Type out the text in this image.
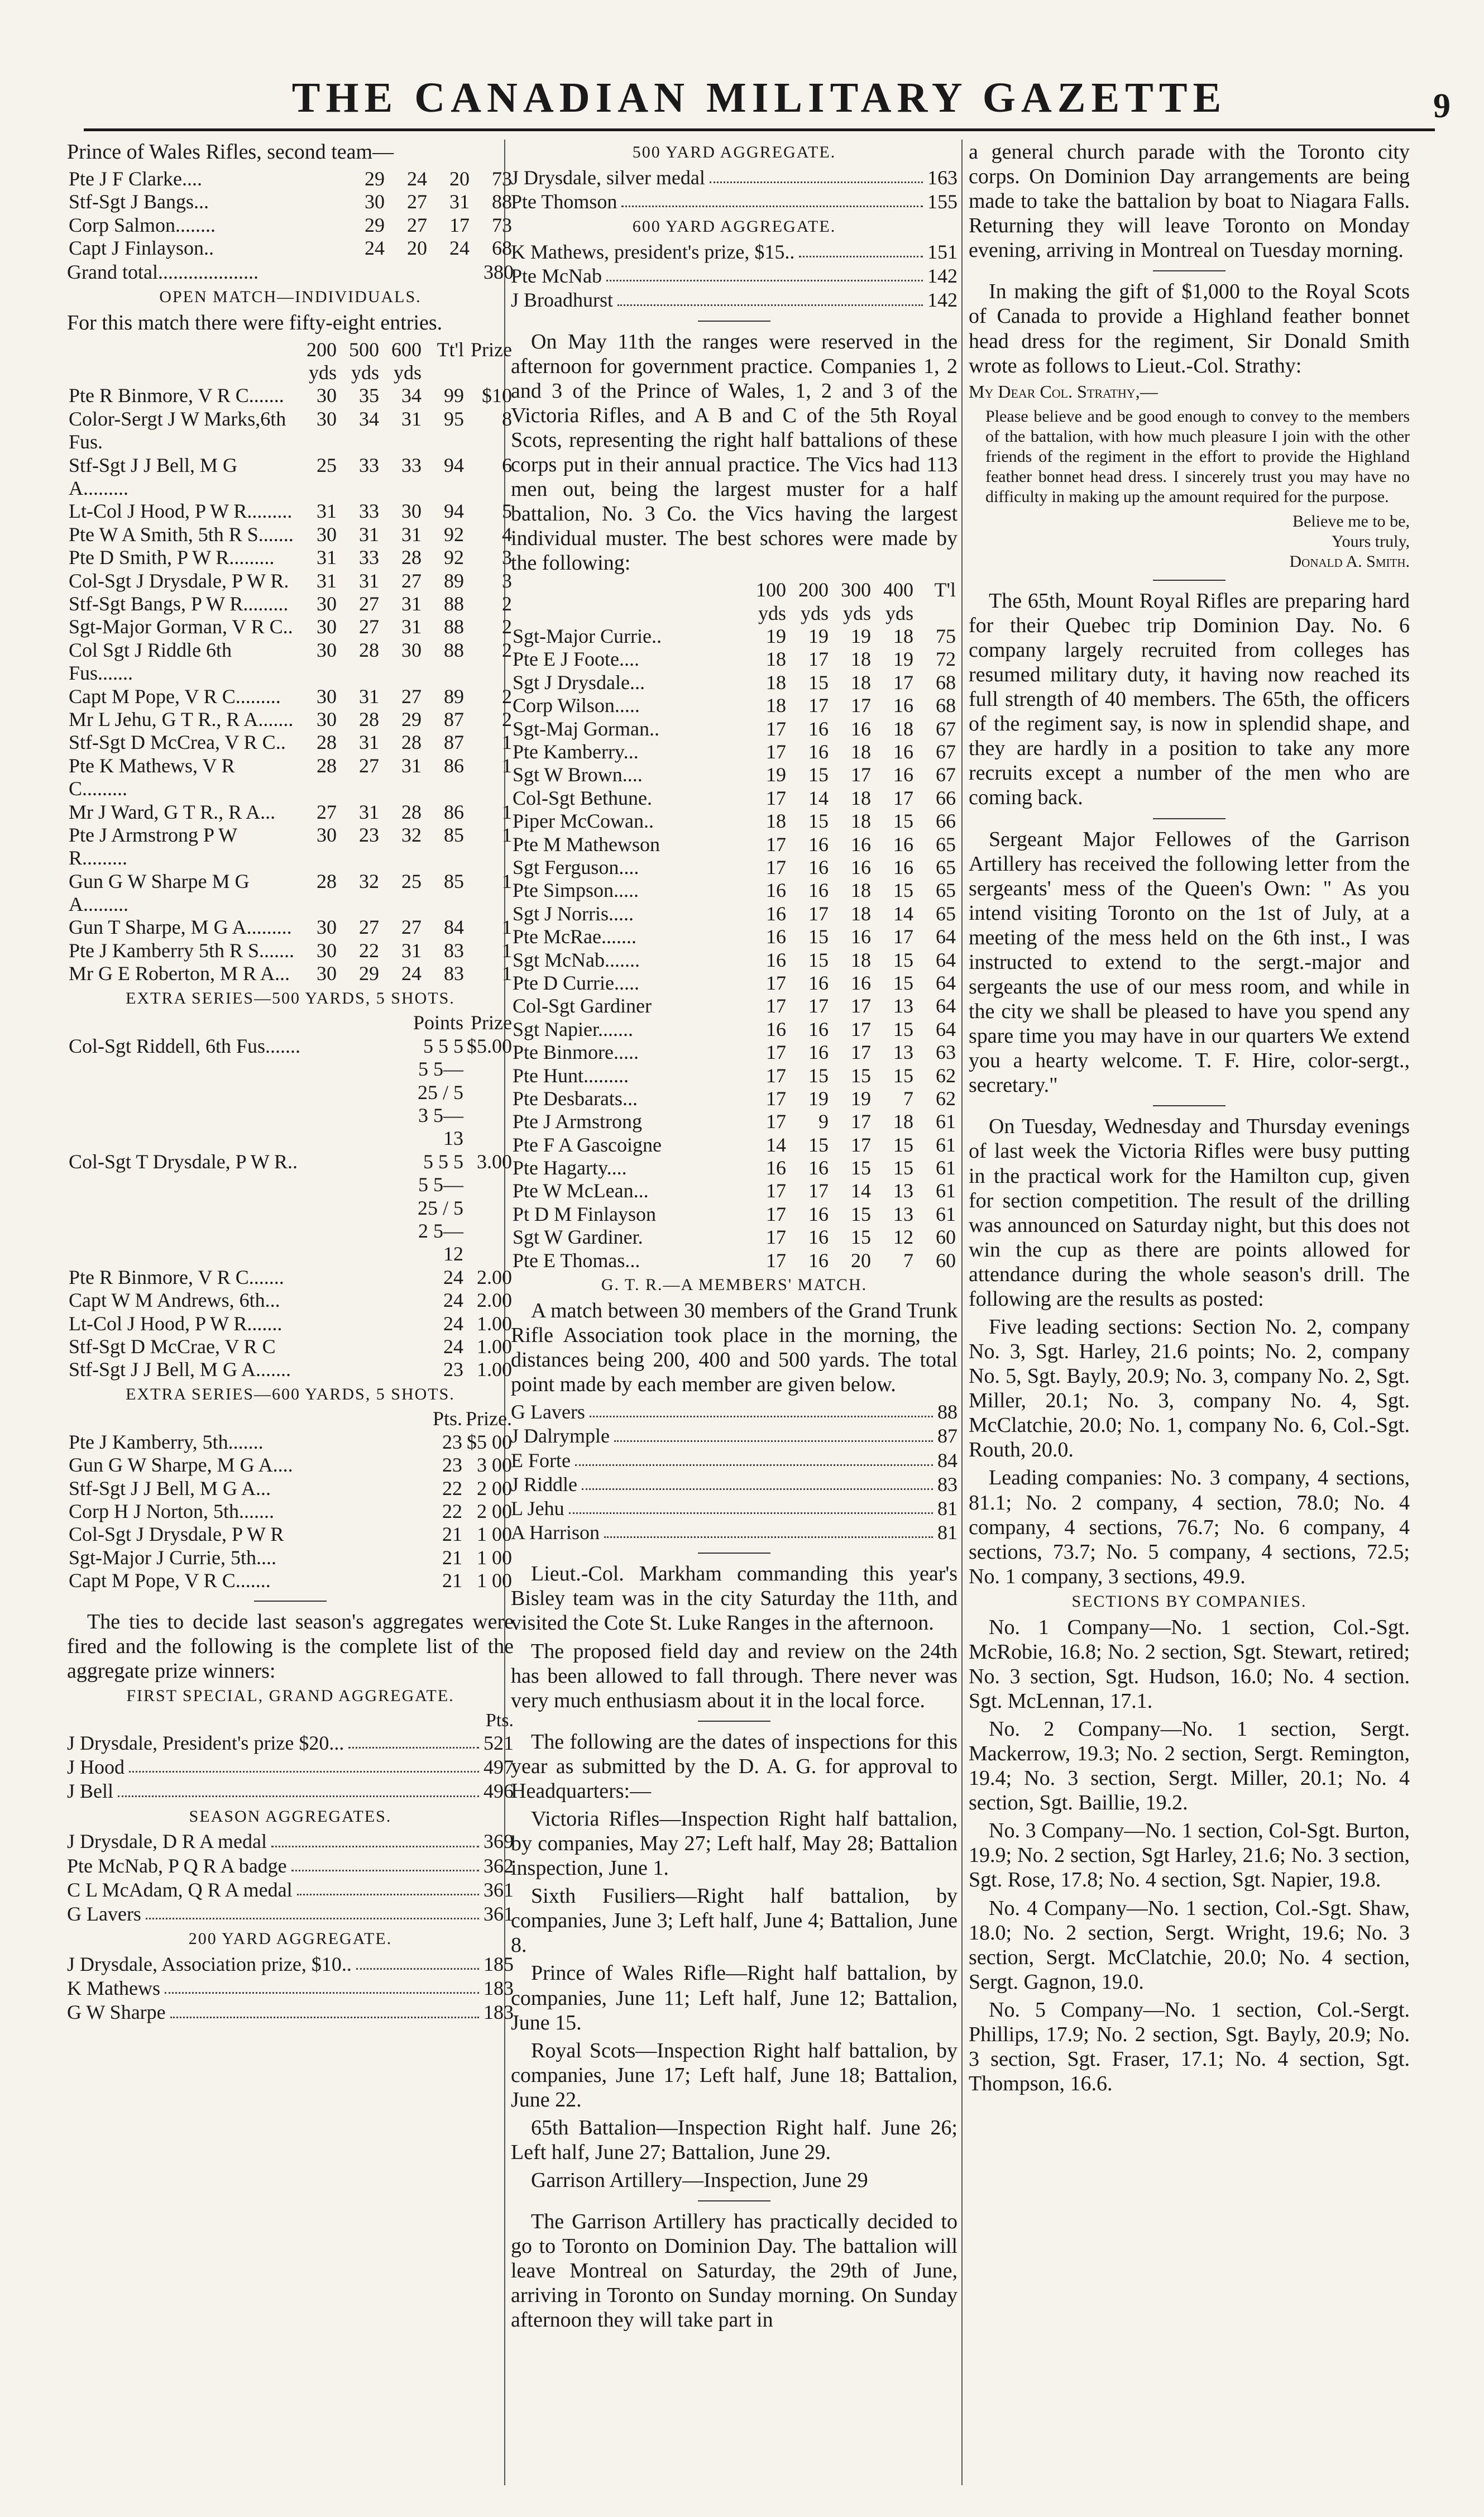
THE CANADIAN MILITARY GAZETTE	9

Prince of Wales Rifles, second team—

Pte J F Clarke....	29	24	20	73
Stf-Sgt J Bangs...	30	27	31	88
Corp Salmon........	29	27	17	73
Capt J Finlayson..	24	20	24	68
Grand total....................	380
OPEN MATCH—INDIVIDUALS.

For this match there were fifty-eight entries.

	200 yds	500 yds	600 yds	Tt'l	Prize
Pte R Binmore, V R C.......	30	35	34	99	$10
Color-Sergt J W Marks,6th Fus.	30	34	31	95	8
Stf-Sgt J J Bell, M G A.........	25	33	33	94	6
Lt-Col J Hood, P W R.........	31	33	30	94	5
Pte W A Smith, 5th R S.......	30	31	31	92	4
Pte D Smith, P W R.........	31	33	28	92	3
Col-Sgt J Drysdale, P W R.	31	31	27	89	3
Stf-Sgt Bangs, P W R.........	30	27	31	88	2
Sgt-Major Gorman, V R C..	30	27	31	88	2
Col Sgt J Riddle 6th Fus.......	30	28	30	88	2
Capt M Pope, V R C.........	30	31	27	89	2
Mr L Jehu, G T R., R A.......	30	28	29	87	2
Stf-Sgt D McCrea, V R C..	28	31	28	87	1
Pte K Mathews, V R C.........	28	27	31	86	1
Mr J Ward, G T R., R A...	27	31	28	86	1
Pte J Armstrong P W R.........	30	23	32	85	1
Gun G W Sharpe M G A.........	28	32	25	85	1
Gun T Sharpe, M G A.........	30	27	27	84	1
Pte J Kamberry 5th R S.......	30	22	31	83	1
Mr G E Roberton, M R A...	30	29	24	83	1
EXTRA SERIES—500 YARDS, 5 SHOTS.
	Points	Prize
Col-Sgt Riddell, 6th Fus.......	5 5 5 5 5—25 / 5 3 5—13	$5.00
Col-Sgt T Drysdale, P W R..	5 5 5 5 5—25 / 5 2 5—12	3.00
Pte R Binmore, V R C.......	24	2.00
Capt W M Andrews, 6th...	24	2.00
Lt-Col J Hood, P W R.......	24	1.00
Stf-Sgt D McCrae, V R C	24	1.00
Stf-Sgt J J Bell, M G A.......	23	1.00
EXTRA SERIES—600 YARDS, 5 SHOTS.
	Pts.	Prize.
Pte J Kamberry, 5th.......	23	$5 00
Gun G W Sharpe, M G A....	23	3 00
Stf-Sgt J J Bell, M G A...	22	2 00
Corp H J Norton, 5th.......	22	2 00
Col-Sgt J Drysdale, P W R	21	1 00
Sgt-Major J Currie, 5th....	21	1 00
Capt M Pope, V R C.......	21	1 00

The ties to decide last season's aggregates were fired and the following is the complete list of the aggregate prize winners:

FIRST SPECIAL, GRAND AGGREGATE.
Pts.
J Drysdale, President's prize $20...	521
J Hood	497
J Bell	496
SEASON AGGREGATES.
J Drysdale, D R A medal	369
Pte McNab, P Q R A badge	362
C L McAdam, Q R A medal	361
G Lavers	361
200 YARD AGGREGATE.
J Drysdale, Association prize, $10..	185
K Mathews	183
G W Sharpe	183
500 YARD AGGREGATE.
J Drysdale, silver medal	163
Pte Thomson	155
600 YARD AGGREGATE.
K Mathews, president's prize, $15..	151
Pte McNab	142
J Broadhurst	142

On May 11th the ranges were reserved in the afternoon for government practice. Companies 1, 2 and 3 of the Prince of Wales, 1, 2 and 3 of the Victoria Rifles, and A B and C of the 5th Royal Scots, representing the right half battalions of these corps put in their annual practice. The Vics had 113 men out, being the largest muster for a half battalion, No. 3 Co. the Vics having the largest individual muster. The best schores were made by the following:

	100 yds	200 yds	300 yds	400 yds	T'l
Sgt-Major Currie..	19	19	19	18	75
Pte E J Foote....	18	17	18	19	72
Sgt J Drysdale...	18	15	18	17	68
Corp Wilson.....	18	17	17	16	68
Sgt-Maj Gorman..	17	16	16	18	67
Pte Kamberry...	17	16	18	16	67
Sgt W Brown....	19	15	17	16	67
Col-Sgt Bethune.	17	14	18	17	66
Piper McCowan..	18	15	18	15	66
Pte M Mathewson	17	16	16	16	65
Sgt Ferguson....	17	16	16	16	65
Pte Simpson.....	16	16	18	15	65
Sgt J Norris.....	16	17	18	14	65
Pte McRae.......	16	15	16	17	64
Sgt McNab.......	16	15	18	15	64
Pte D Currie.....	17	16	16	15	64
Col-Sgt Gardiner	17	17	17	13	64
Sgt Napier.......	16	16	17	15	64
Pte Binmore.....	17	16	17	13	63
Pte Hunt.........	17	15	15	15	62
Pte Desbarats...	17	19	19	7	62
Pte J Armstrong	17	9	17	18	61
Pte F A Gascoigne	14	15	17	15	61
Pte Hagarty....	16	16	15	15	61
Pte W McLean...	17	17	14	13	61
Pt D M Finlayson	17	16	15	13	61
Sgt W Gardiner.	17	16	15	12	60
Pte E Thomas...	17	16	20	7	60
G. T. R.—A MEMBERS' MATCH.

A match between 30 members of the Grand Trunk Rifle Association took place in the morning, the distances being 200, 400 and 500 yards. The total point made by each member are given below.

G Lavers	88
J Dalrymple	87
E Forte	84
J Riddle	83
L Jehu	81
A Harrison	81

Lieut.-Col. Markham commanding this year's Bisley team was in the city Saturday the 11th, and visited the Cote St. Luke Ranges in the afternoon.

The proposed field day and review on the 24th has been allowed to fall through. There never was very much enthusiasm about it in the local force.

The following are the dates of inspections for this year as submitted by the D. A. G. for approval to Headquarters:—

Victoria Rifles—Inspection Right half battalion, by companies, May 27; Left half, May 28; Battalion inspection, June 1.

Sixth Fusiliers—Right half battalion, by companies, June 3; Left half, June 4; Battalion, June 8.

Prince of Wales Rifle—Right half battalion, by companies, June 11; Left half, June 12; Battalion, June 15.

Royal Scots—Inspection Right half battalion, by companies, June 17; Left half, June 18; Battalion, June 22.

65th Battalion—Inspection Right half. June 26; Left half, June 27; Battalion, June 29.

Garrison Artillery—Inspection, June 29

The Garrison Artillery has practically decided to go to Toronto on Dominion Day. The battalion will leave Montreal on Saturday, the 29th of June, arriving in Toronto on Sunday morning. On Sunday afternoon they will take part in

a general church parade with the Toronto city corps. On Dominion Day arrangements are being made to take the battalion by boat to Niagara Falls. Returning they will leave Toronto on Monday evening, arriving in Montreal on Tuesday morning.

In making the gift of $1,000 to the Royal Scots of Canada to provide a Highland feather bonnet head dress for the regiment, Sir Donald Smith wrote as follows to Lieut.-Col. Strathy:

My Dear Col. Strathy,—

Please believe and be good enough to convey to the members of the battalion, with how much pleasure I join with the other friends of the regiment in the effort to provide the Highland feather bonnet head dress. I sincerely trust you may have no difficulty in making up the amount required for the purpose.
Believe me to be,
Yours truly,
Donald A. Smith.

The 65th, Mount Royal Rifles are preparing hard for their Quebec trip Dominion Day. No. 6 company largely recruited from colleges has resumed military duty, it having now reached its full strength of 40 members. The 65th, the officers of the regiment say, is now in splendid shape, and they are hardly in a position to take any more recruits except a number of the men who are coming back.

Sergeant Major Fellowes of the Garrison Artillery has received the following letter from the sergeants' mess of the Queen's Own: " As you intend visiting Toronto on the 1st of July, at a meeting of the mess held on the 6th inst., I was instructed to extend to the sergt.-major and sergeants the use of our mess room, and while in the city we shall be pleased to have you spend any spare time you may have in our quarters We extend you a hearty welcome. T. F. Hire, color-sergt., secretary."

On Tuesday, Wednesday and Thursday evenings of last week the Victoria Rifles were busy putting in the practical work for the Hamilton cup, given for section competition. The result of the drilling was announced on Saturday night, but this does not win the cup as there are points allowed for attendance during the whole season's drill. The following are the results as posted:

Five leading sections: Section No. 2, company No. 3, Sgt. Harley, 21.6 points; No. 2, company No. 5, Sgt. Bayly, 20.9; No. 3, company No. 2, Sgt. Miller, 20.1; No. 3, company No. 4, Sgt. McClatchie, 20.0; No. 1, company No. 6, Col.-Sgt. Routh, 20.0.

Leading companies: No. 3 company, 4 sections, 81.1; No. 2 company, 4 section, 78.0; No. 4 company, 4 sections, 76.7; No. 6 company, 4 sections, 73.7; No. 5 company, 4 sections, 72.5; No. 1 company, 3 sections, 49.9.

SECTIONS BY COMPANIES.

No. 1 Company—No. 1 section, Col.-Sgt. McRobie, 16.8; No. 2 section, Sgt. Stewart, retired; No. 3 section, Sgt. Hudson, 16.0; No. 4 section. Sgt. McLennan, 17.1.

No. 2 Company—No. 1 section, Sergt. Mackerrow, 19.3; No. 2 section, Sergt. Remington, 19.4; No. 3 section, Sergt. Miller, 20.1; No. 4 section, Sgt. Baillie, 19.2.

No. 3 Company—No. 1 section, Col-Sgt. Burton, 19.9; No. 2 section, Sgt Harley, 21.6; No. 3 section, Sgt. Rose, 17.8; No. 4 section, Sgt. Napier, 19.8.

No. 4 Company—No. 1 section, Col.-Sgt. Shaw, 18.0; No. 2 section, Sergt. Wright, 19.6; No. 3 section, Sergt. McClatchie, 20.0; No. 4 section, Sergt. Gagnon, 19.0.

No. 5 Company—No. 1 section, Col.-Sergt. Phillips, 17.9; No. 2 section, Sgt. Bayly, 20.9; No. 3 section, Sgt. Fraser, 17.1; No. 4 section, Sgt. Thompson, 16.6.
